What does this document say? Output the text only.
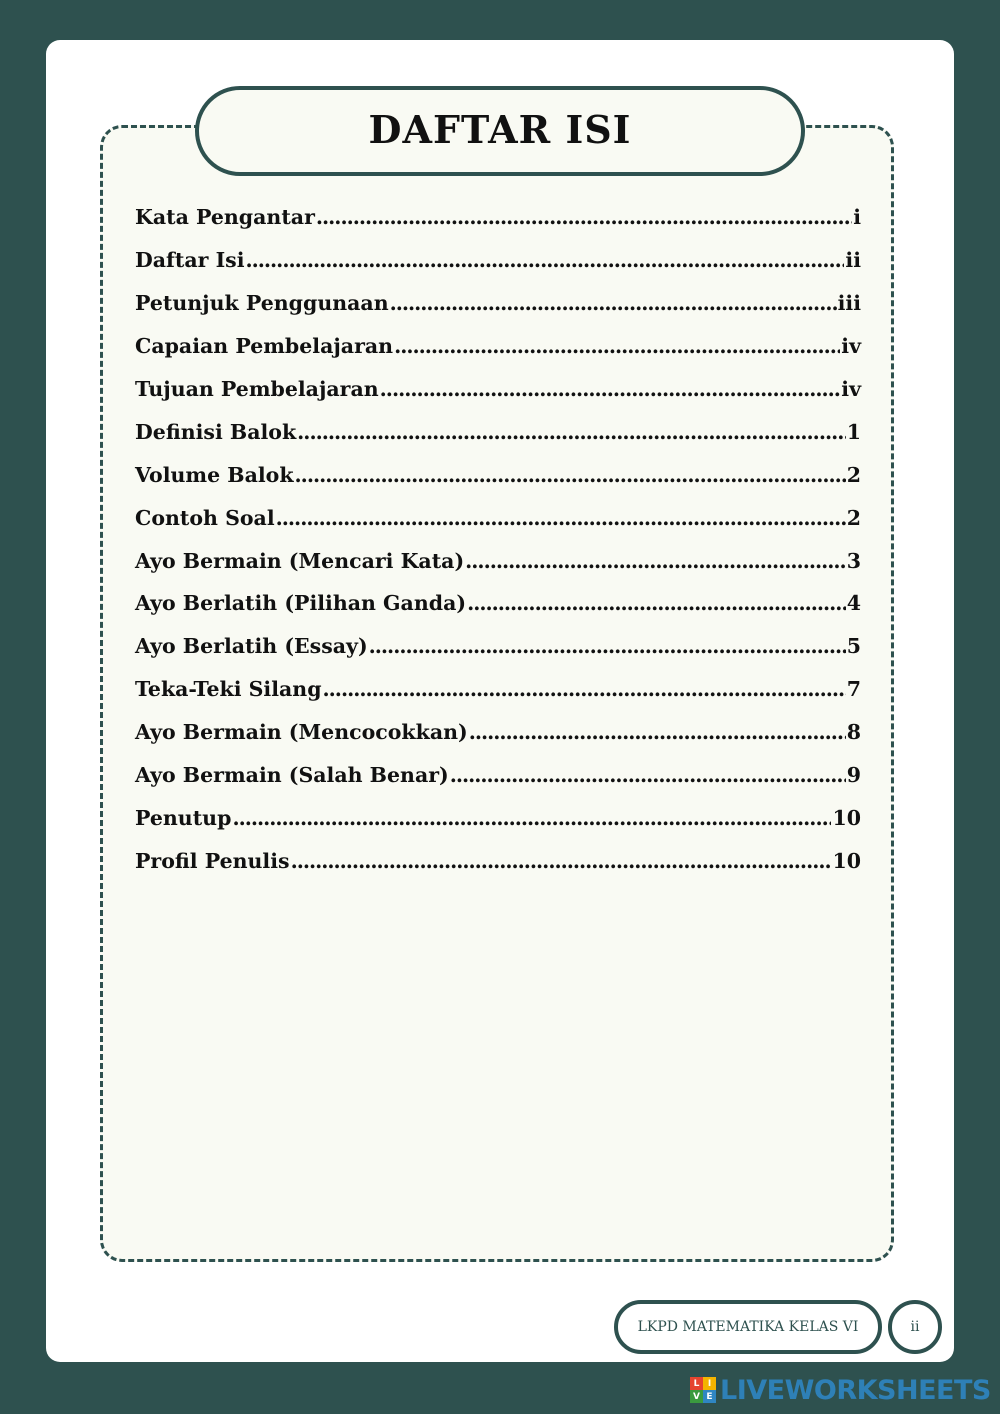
DAFTAR ISI
Kata Pengantar .....	i
Daftar Isi .....	ii
Petunjuk Penggunaan .....	iii
Capaian Pembelajaran .....	iv
Tujuan Pembelajaran .....	iv
Definisi Balok .....	1
Volume Balok .....	2
Contoh Soal .....	2
Ayo Bermain (Mencari Kata) .....	3
Ayo Berlatih (Pilihan Ganda) .....	4
Ayo Berlatih (Essay) .....	5
Teka-Teki Silang .....	7
Ayo Bermain (Mencocokkan) .....	8
Ayo Bermain (Salah Benar) .....	9
Penutup .....	10
Profil Penulis .....	10
LKPD MATEMATIKA KELAS VI	ii
L I
V E LIVEWORKSHEETS
